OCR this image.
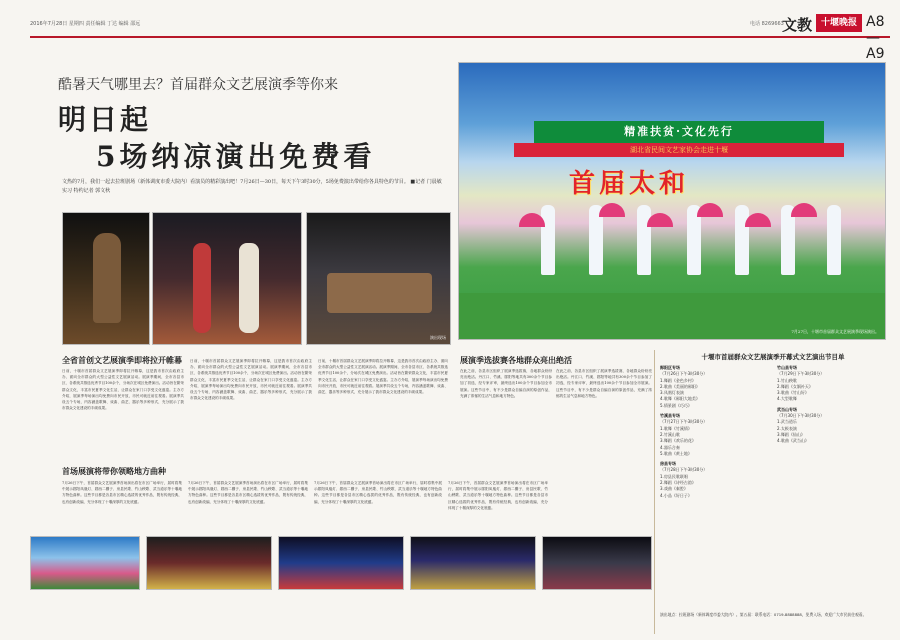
2016年7月28日 星期四 责任编辑 丁达 编辑 邵远	电话 8269663
文教 十堰晚报 A8—A9
酷暑天气哪里去？首届群众文艺展演季等你来
明日起
5场纳凉演出免费看
文热的7月，我们一起去拉班剧场（新体调度市委大院内）看演员的精彩演出吧！7月26日—30日，每天下午3时30分，5场免费演出带给你各具特色的节目。 ■记者 门晨敏 实习 特约记者 郭文秋
精准扶贫·文化先行
湖北省民间文艺家协会走进十堰
首届太和
7月27日，十堰市首届群众文艺展演季现场演出。
演出现场
全省首创文艺展演季即将拉开帷幕
日前，十堰市首届群众文艺展演季即将拉开帷幕，这是我市首次由政府主办、面向全市群众的大型公益性文艺展演活动。展演季期间，全市各县市区、各系统共推选优秀节目100余个，分场次在城区免费演出。活动旨在繁荣群众文化，丰富市民夏季文化生活，让群众在家门口享受文化盛宴。主办方介绍，展演季每场演出均免费向市民开放，市民可就近前往观看。展演季共设五个专场，内容涵盖歌舞、戏曲、曲艺、器乐等多种形式，充分展示了我市群众文化建设的丰硕成果。
日前，十堰市首届群众文艺展演季即将拉开帷幕，这是我市首次由政府主办、面向全市群众的大型公益性文艺展演活动。展演季期间，全市各县市区、各系统共推选优秀节目100余个，分场次在城区免费演出。活动旨在繁荣群众文化，丰富市民夏季文化生活，让群众在家门口享受文化盛宴。主办方介绍，展演季每场演出均免费向市民开放，市民可就近前往观看。展演季共设五个专场，内容涵盖歌舞、戏曲、曲艺、器乐等多种形式，充分展示了我市群众文化建设的丰硕成果。
日前，十堰市首届群众文艺展演季即将拉开帷幕，这是我市首次由政府主办、面向全市群众的大型公益性文艺展演活动。展演季期间，全市各县市区、各系统共推选优秀节目100余个，分场次在城区免费演出。活动旨在繁荣群众文化，丰富市民夏季文化生活，让群众在家门口享受文化盛宴。主办方介绍，展演季每场演出均免费向市民开放，市民可就近前往观看。展演季共设五个专场，内容涵盖歌舞、戏曲、曲艺、器乐等多种形式，充分展示了我市群众文化建设的丰硕成果。
首场展演将带你领略地方曲种
7月26日下午，首届群众文艺展演季首场演出将在市区广场举行，届时将集中展示郧阳凤凰灯、郧西二棚子、房县民歌、竹山秧歌、武当道乐等十堰地方特色曲种。这些节目都是各县市区精心选拔的优秀作品，既有传统经典，也有创新改编，充分体现了十堰深厚的文化底蕴。
7月26日下午，首届群众文艺展演季首场演出将在市区广场举行，届时将集中展示郧阳凤凰灯、郧西二棚子、房县民歌、竹山秧歌、武当道乐等十堰地方特色曲种。这些节目都是各县市区精心选拔的优秀作品，既有传统经典，也有创新改编，充分体现了十堰深厚的文化底蕴。
7月26日下午，首届群众文艺展演季首场演出将在市区广场举行，届时将集中展示郧阳凤凰灯、郧西二棚子、房县民歌、竹山秧歌、武当道乐等十堰地方特色曲种。这些节目都是各县市区精心选拔的优秀作品，既有传统经典，也有创新改编，充分体现了十堰深厚的文化底蕴。
7月26日下午，首届群众文艺展演季首场演出将在市区广场举行，届时将集中展示郧阳凤凰灯、郧西二棚子、房县民歌、竹山秧歌、武当道乐等十堰地方特色曲种。这些节目都是各县市区精心选拔的优秀作品，既有传统经典，也有创新改编，充分体现了十堰深厚的文化底蕴。
展演季选拔赛各地群众亮出绝活
在此之前，各县市区组织了展演季选拔赛，各地群众纷纷亮出绝活。丹江口、竹溪、郧阳等地共有300余个节目参加了初选，经专家评审，最终选出100余个节目参加全市展演。这些节目中，有不少是群众自编自演的原创作品，充满了浓郁的生活气息和地方特色。
在此之前，各县市区组织了展演季选拔赛，各地群众纷纷亮出绝活。丹江口、竹溪、郧阳等地共有300余个节目参加了初选，经专家评审，最终选出100余个节目参加全市展演。这些节目中，有不少是群众自编自演的原创作品，充满了浓郁的生活气息和地方特色。
十堰市首届群众文艺展演季开幕式文艺演出节目单
郧阳区专场
（7月26日下午3时30分）
1.舞蹈《金色乡村》
2.歌曲《美丽的郧阳》
3.凤凰灯表演
4.歌舞《郧阳大地美》
5.情景剧《巧巧》
竹溪县专场
（7月27日下午3时30分）
1.歌舞《竹溪情》
2.竹溪山歌
3.舞蹈《欢乐的花》
4.器乐合奏
5.歌曲《黄土地》
房县专场
（7月28日下午3时30分）
1.房县民歌联唱
2.舞蹈《诗经古韵》
3.戏曲《秦腔》
4.小品《好日子》
竹山县专场
（7月29日下午3时30分）
1.竹山秧歌
2.舞蹈《女娲补天》
3.歌曲《竹山好》
4.大型歌舞
武当山专场
（7月30日下午3时30分）
1.武当道乐
2.太极表演
3.舞蹈《仙山》
4.歌曲《武当山》
演出地点：拉班剧场（新体调度市委大院内）。第五届：联系电话：0719-8888888，免费入场，欢迎广大市民前往观看。
